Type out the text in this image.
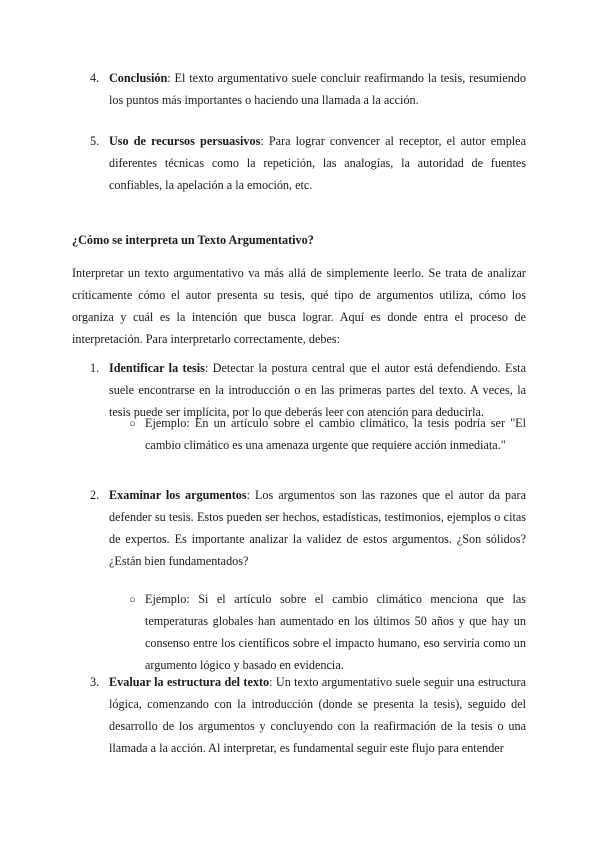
4. Conclusión: El texto argumentativo suele concluir reafirmando la tesis, resumiendo los puntos más importantes o haciendo una llamada a la acción.

5. Uso de recursos persuasivos: Para lograr convencer al receptor, el autor emplea diferentes técnicas como la repetición, las analogías, la autoridad de fuentes confiables, la apelación a la emoción, etc.

¿Cómo se interpreta un Texto Argumentativo?

Interpretar un texto argumentativo va más allá de simplemente leerlo. Se trata de analizar críticamente cómo el autor presenta su tesis, qué tipo de argumentos utiliza, cómo los organiza y cuál es la intención que busca lograr. Aquí es donde entra el proceso de interpretación. Para interpretarlo correctamente, debes:

1. Identificar la tesis: Detectar la postura central que el autor está defendiendo. Esta suele encontrarse en la introducción o en las primeras partes del texto. A veces, la tesis puede ser implícita, por lo que deberás leer con atención para deducirla.

○ Ejemplo: En un artículo sobre el cambio climático, la tesis podría ser "El cambio climático es una amenaza urgente que requiere acción inmediata."

2. Examinar los argumentos: Los argumentos son las razones que el autor da para defender su tesis. Estos pueden ser hechos, estadísticas, testimonios, ejemplos o citas de expertos. Es importante analizar la validez de estos argumentos. ¿Son sólidos? ¿Están bien fundamentados?

○ Ejemplo: Si el artículo sobre el cambio climático menciona que las temperaturas globales han aumentado en los últimos 50 años y que hay un consenso entre los científicos sobre el impacto humano, eso serviría como un argumento lógico y basado en evidencia.

3. Evaluar la estructura del texto: Un texto argumentativo suele seguir una estructura lógica, comenzando con la introducción (donde se presenta la tesis), seguido del desarrollo de los argumentos y concluyendo con la reafirmación de la tesis o una llamada a la acción. Al interpretar, es fundamental seguir este flujo para entender
